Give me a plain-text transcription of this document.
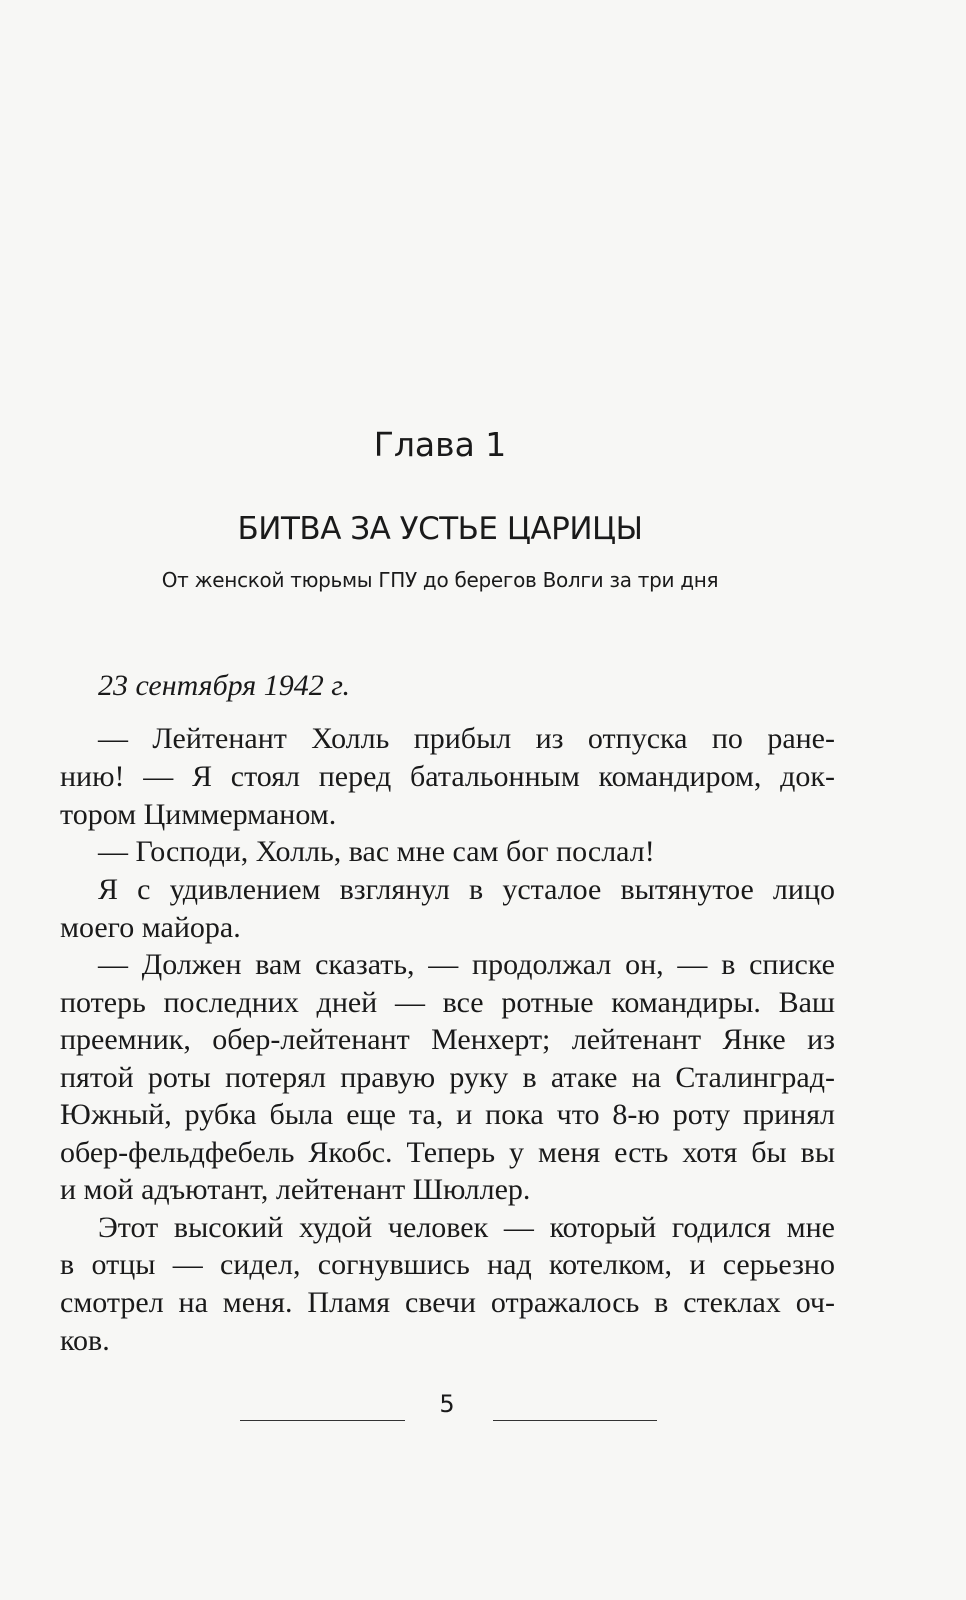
Глава 1
БИТВА ЗА УСТЬЕ ЦАРИЦЫ
От женской тюрьмы ГПУ до берегов Волги за три дня
23 сентября 1942 г.
— Лейтенант Холль прибыл из отпуска по ране-
нию! — Я стоял перед батальонным командиром, док-
тором Циммерманом.
— Господи, Холль, вас мне сам бог послал!
Я с удивлением взглянул в усталое вытянутое лицо
моего майора.
— Должен вам сказать, — продолжал он, — в списке
потерь последних дней — все ротные командиры. Ваш
преемник, обер-лейтенант Менхерт; лейтенант Янке из
пятой роты потерял правую руку в атаке на Сталинград-
Южный, рубка была еще та, и пока что 8-ю роту принял
обер-фельдфебель Якобс. Теперь у меня есть хотя бы вы
и мой адъютант, лейтенант Шюллер.
Этот высокий худой человек — который годился мне
в отцы — сидел, согнувшись над котелком, и серьезно
смотрел на меня. Пламя свечи отражалось в стеклах оч-
ков.
5
